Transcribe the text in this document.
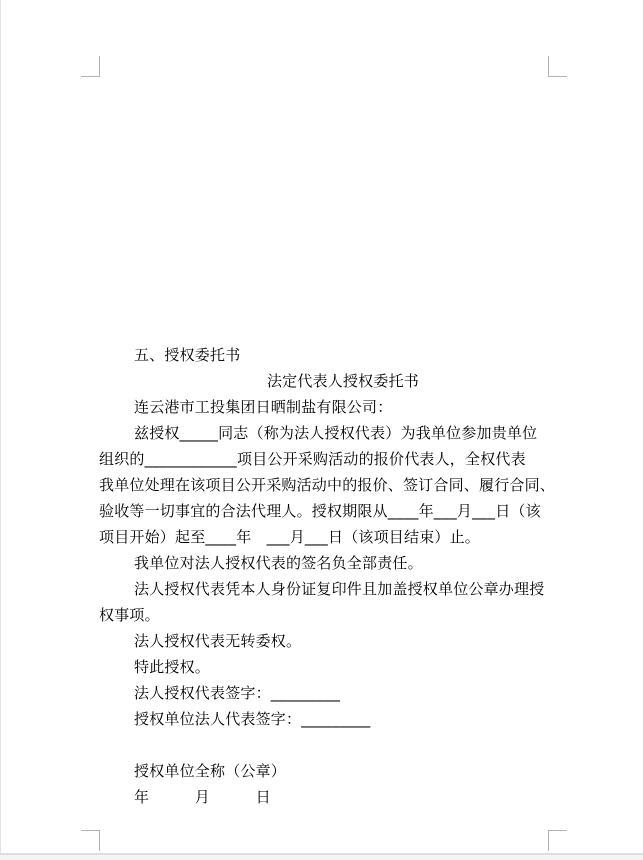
五、授权委托书
法定代表人授权委托书
连云港市工投集团日晒制盐有限公司：
兹授权_____同志（称为法人授权代表）为我单位参加贵单位
组织的____________项目公开采购活动的报价代表人，全权代表
我单位处理在该项目公开采购活动中的报价、签订合同、履行合同、
验收等一切事宜的合法代理人。授权期限从____年___月___日（该
项目开始）起至____年　___月___日（该项目结束）止。
我单位对法人授权代表的签名负全部责任。
法人授权代表凭本人身份证复印件且加盖授权单位公章办理授
权事项。
法人授权代表无转委权。
特此授权。
法人授权代表签字：_________
授权单位法人代表签字：_________
授权单位全称（公章）
年　　　月　　　日
